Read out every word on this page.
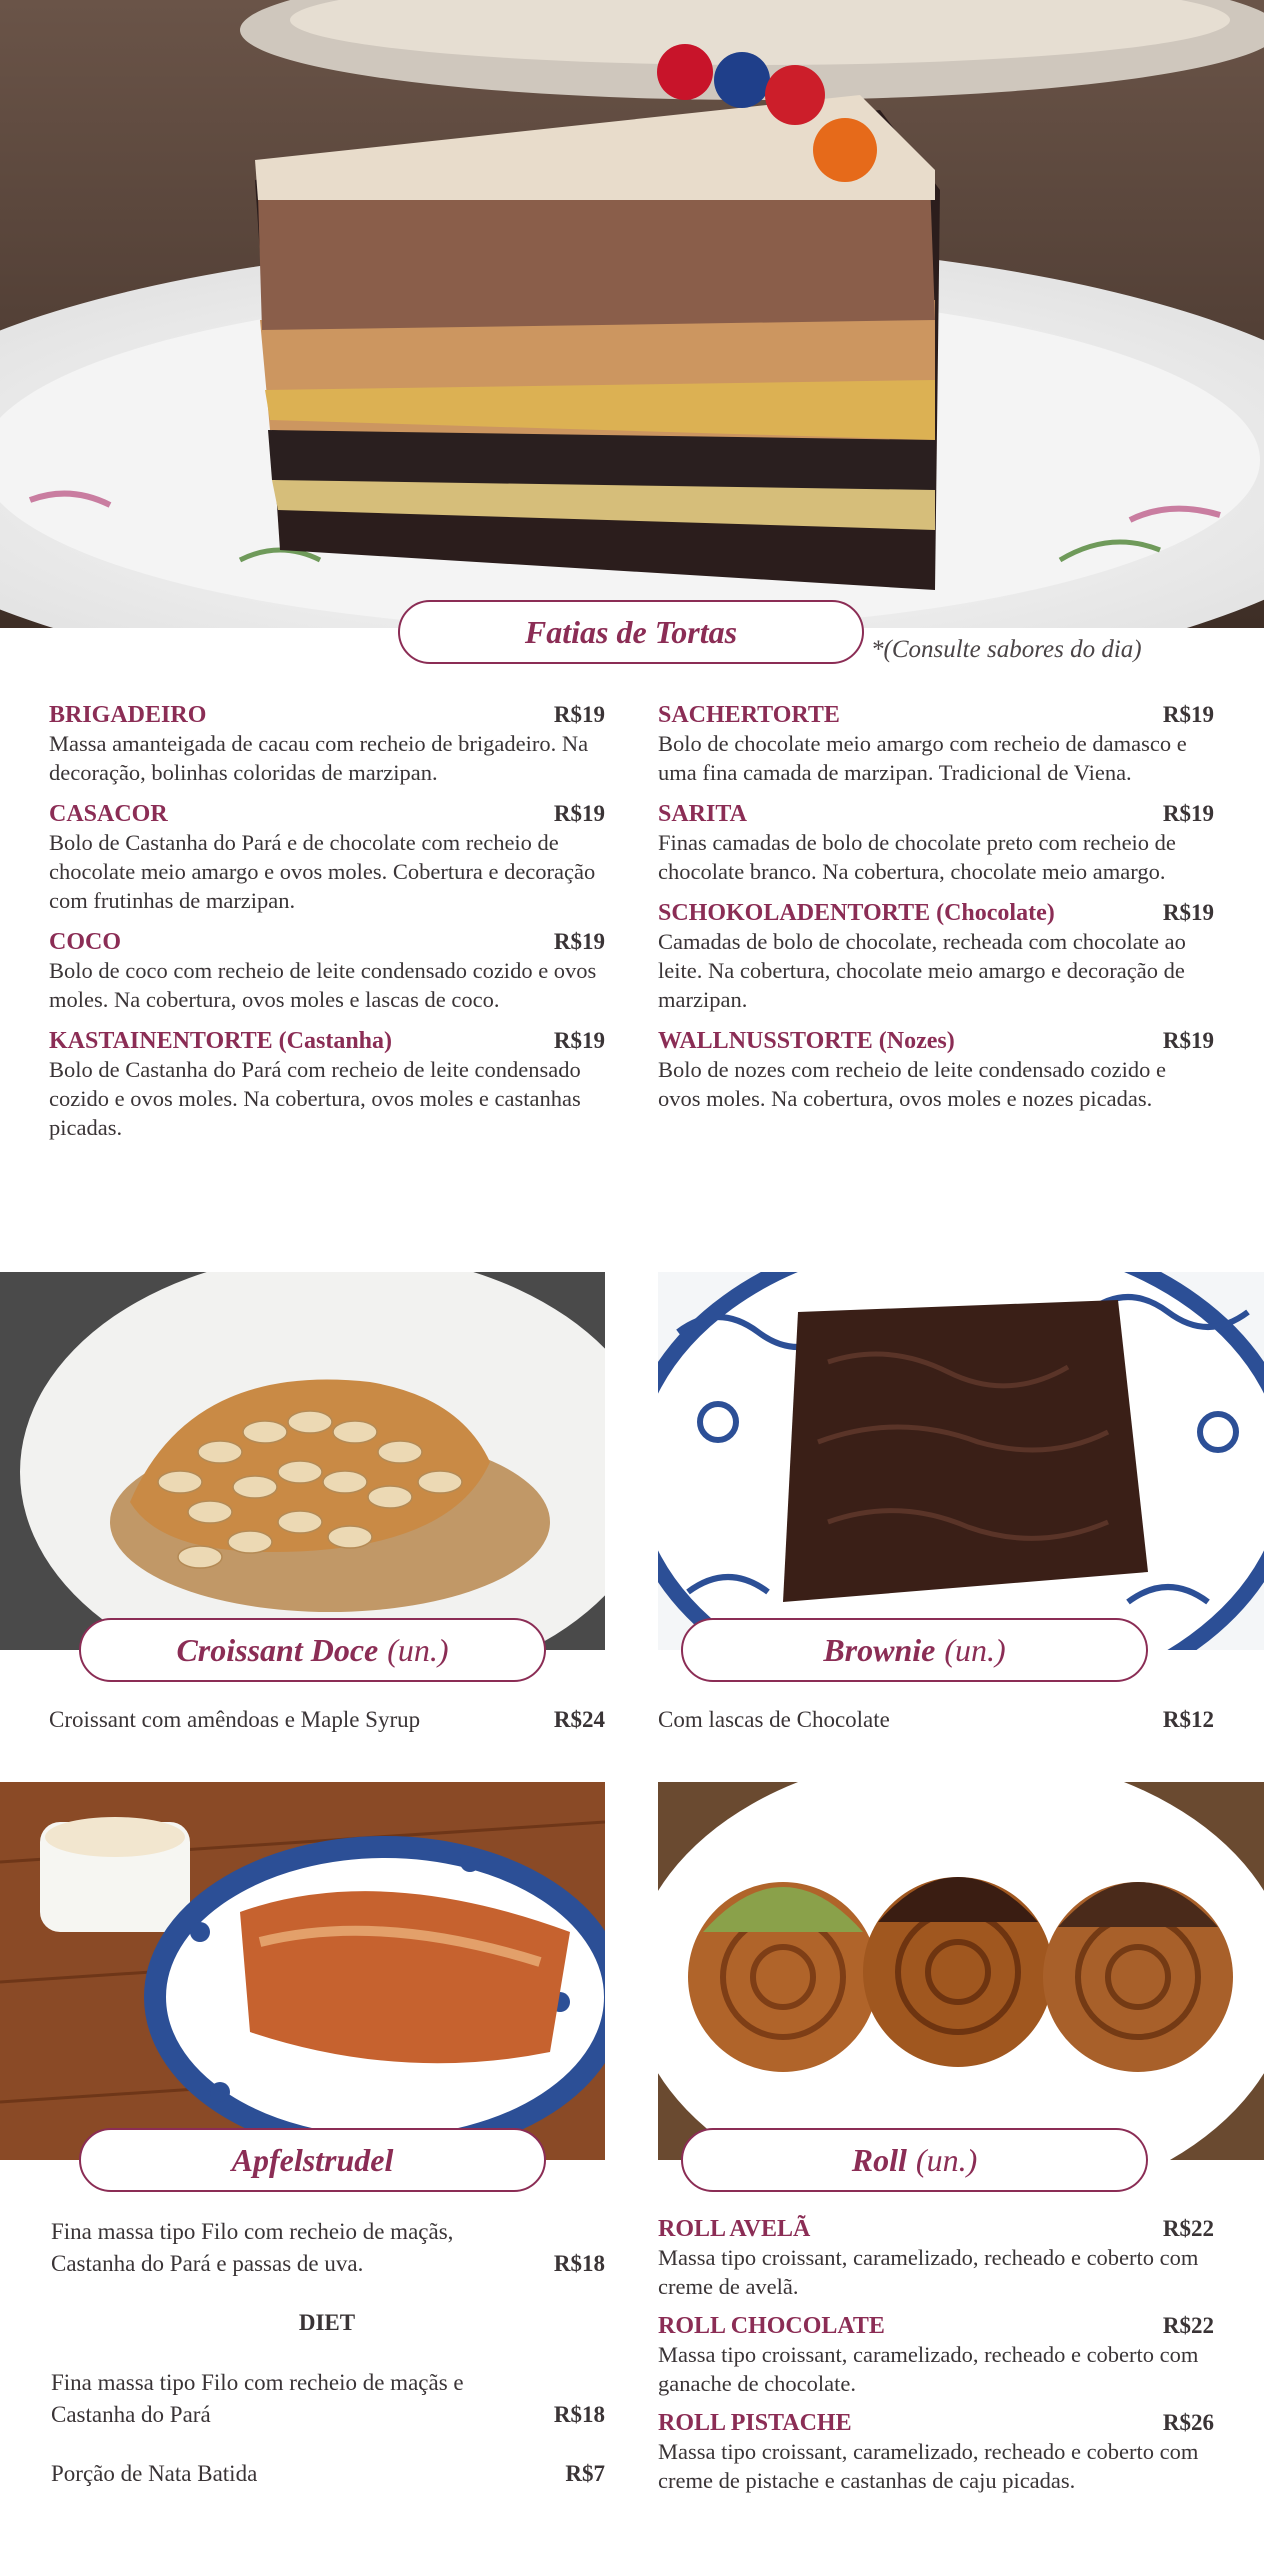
Fatias de Tortas	*(Consulte sabores do dia)
BRIGADEIRO	R$19
Massa amanteigada de cacau com recheio de brigadeiro. Na decoração, bolinhas coloridas de marzipan.
CASACOR	R$19
Bolo de Castanha do Pará e de chocolate com recheio de chocolate meio amargo e ovos moles. Cobertura e decoração com frutinhas de marzipan.
COCO	R$19
Bolo de coco com recheio de leite condensado cozido e ovos moles. Na cobertura, ovos moles e lascas de coco.
KASTAINENTORTE (Castanha)	R$19
Bolo de Castanha do Pará com recheio de leite condensado cozido e ovos moles. Na cobertura, ovos moles e castanhas picadas.
SACHERTORTE	R$19
Bolo de chocolate meio amargo com recheio de damasco e uma fina camada de marzipan. Tradicional de Viena.
SARITA	R$19
Finas camadas de bolo de chocolate preto com recheio de chocolate branco. Na cobertura, chocolate meio amargo.
SCHOKOLADENTORTE (Chocolate)	R$19
Camadas de bolo de chocolate, recheada com chocolate ao leite. Na cobertura, chocolate meio amargo e decoração de marzipan.
WALLNUSSTORTE (Nozes)	R$19
Bolo de nozes com recheio de leite condensado cozido e ovos moles. Na cobertura, ovos moles e nozes picadas.
Croissant Doce (un.)
Croissant com amêndoas e Maple Syrup	R$24
Brownie (un.)
Com lascas de Chocolate	R$12
Apfelstrudel
Fina massa tipo Filo com recheio de maçãs,
Castanha do Pará e passas de uva.	R$18
DIET
Fina massa tipo Filo com recheio de maçãs e
Castanha do Pará	R$18
Porção de Nata Batida	R$7
Roll (un.)
ROLL AVELÃ	R$22
Massa tipo croissant, caramelizado, recheado e coberto com creme de avelã.
ROLL CHOCOLATE	R$22
Massa tipo croissant, caramelizado, recheado e coberto com ganache de chocolate.
ROLL PISTACHE	R$26
Massa tipo croissant, caramelizado, recheado e coberto com creme de pistache e castanhas de caju picadas.
